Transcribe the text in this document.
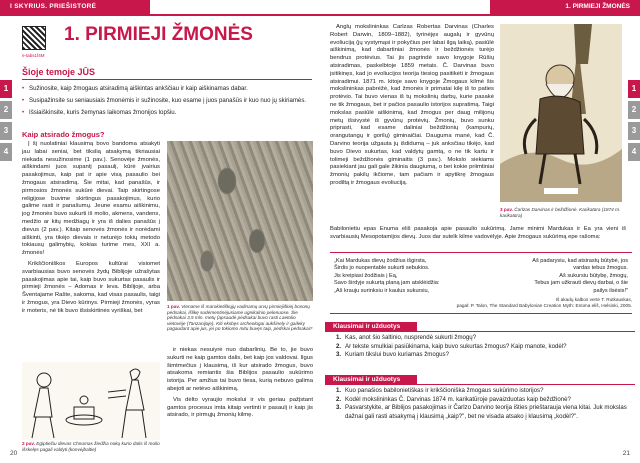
I SKYRIUS. PRIEŠISTORĖ
e-tabs1f4M
1. PIRMIEJI ŽMONĖS
Šioje temoje JŪS
• Sužinosite, kaip žmogaus atsiradimą aiškintas ankščiau ir kaip aiškinamas dabar.
• Susipažinsite su seniausiais žmonėmis ir sužinosite, kuo esame į juos panašūs ir kuo nuo jų skiriamės.
• Išsiaiškinsite, kuris žemynas laikomas žmonijos lopšiu.
Kaip atsirado žmogus?

Į šį nuolatiniai klausimą bovo bandoma atsakyti jau labai seniai, bet tikslią atsakymą tikriausiai niekada nesužinosime (1 pav.). Senovėje žmonės, aiškindami juos supantį pasaulį, kūrė įvairius pasakojimus, kaip pat ir apie visą pasaulio bei žmogaus atsiradimą. Šie mitai, kad panašūs, ir pirmosios žmonės sukūrė dievai. Taip skirtingose religijose buvime skirtingus pasakojimus, kurio galime rasti ir panašumų. Jeune esamu aiškinimu, jog žmonės buvo sukurti iš molio, akmens, vandens, medžio ar kitų medžiagų ir yra iš dalies panašūs į dievus (2 pav.). Kitaip senovės žmonės ir norėdami aiškinti, yra tikėjo dievais ir neturėjo tokių metodo tokiausų galimybių, kokias turime mes, XXI a. žmonės!

Krikščioniškos Europos kultūrai visiomet svarbiausias buvo senovės žydų Biblijoje užrašytas pasakojimas apie tai, kaip buvo sukurtas pasaulis ir pirmieji žmonės – Adomas ir Ieva. Biblijoje, arba Šventajame Rašte, sakoma, kad visas pasaulis, taigi ir žmogus, yra Dievo kūrinys. Pirmieji žmonės, vyras ir moteris, nė tik buvo išsiskirtinės vyriškai, bet

1 pav. Viename iš marokietiškųjų vadinamų urvų pirmiejiškiej bosonų pėdsakai, išlikę sudėmentinėjusiame ugnikalnio pelenuose. Šie pėdsakai 3,5 mln. metų (apsaudė pėdsakai buvo rasti Laetolio vietovėje (Tanzanijoje). Kiti eksbęs archeologai aukšinely ir gaileky pagaudant apie jus, jei po tokiomo mitu buvęs taip, pėdskai pėdsakai?

ir niekas nesuiyrė nuo dabarlinių. Be to, jie buvo sukurti ne kaip gamtos dalis, bet kaip jos valdovai. Ilgus šimtmečius į klausimą, iš kur atsirado žmogus, buvo atsakoma remiantis šia Biblijos pasaulio sukūrimo istorija. Per amžius tai buvo tiesa, kurią nebuvo galima abejoti ar netėvo aiškinimą.

Vis dėlto vyraujio mokslui ir vis geriau pažįstant gamtos procesus imta kitaip vertinti ir pasaulį ir kaip jis atsirado, ir pirmųjų žmonių kilmę.

2 pav. Egiptiečiu dievas Chnumas žiedžia nokų kurio dalis iš molio išskelęs pagali valdyti (konvėjbaltie)
20
1
2
3
4
1. PIRMIEJI ŽMONĖS

Anglų mokslininkas Čarlzas Robertas Darvinas (Charles Robert Darwin, 1809–1882), tyrinėjęs augalų ir gyvūnų evoliuciją (jų vystymąsi ir pokyčius per labai ilgą laiką), pasiūlė aiškinimą, kad dabartiniai žmonės ir beždžionės turėjo bendrus protėvius. Tai jis pagrindė savo knygoje Rūšių atsiradimas, paskelbtoje 1859 metais. Č. Darvinas buvo įsitikinęs, kad jo evoliucijos teorija tiesiog pasitikėti ir žmogaus atsiradimui. 1871 m. kitoje savo knygoje Žmogaus kilmė šis mokslininkas pabrėžė, kad žmonės ir primatai kilę iš to paties protėvio. Tai buvo vienas iš tų mokslinių darbų, kurie pasakė ne tik žmogaus, bet ir pačios pasaulio istorijos supratimą. Taigi mokslas pasiūlė aiškinimą, kad žmogus per daug milijonų metų išsivystė iš gyvūnų protėvių. Žmonių, buvo sunku priprasti, kad esame daliniai beždžionių (kampurių, orangutangų ir gorilų) giminaičiai. Dauguma manė, kad Č. Darvino teorija užgauta jų išdidumą – juk anksčiau tikėjo, kad buvo Dievo sukurtas, kad valdytų gamtą, o ne tik kartu ir tolimeji beždžionės giminaitis (3 pav.). Mokslo siekiams pasiekiant jau gali gale žikinia daugiumą, o bet kokie priimtiniai žmonių pakilų ikčiome, tam pačiam ir apytikrę žmogaus prodiltą ir žmogaus evoliuciją.

3 pav. Čarlzas Darvinas ir beždžionė. Karikatūra (1874 m. karikatūra)
21
1
2
3
4
Babilonietiu epas Enuma eliš pasakoja apie pasaulio sukūrimą. Jame minimi Mardukas ir Ea yra vieni iš svarbiausių Mesopotamijos dievų. Juos dar sutelk kilme vadovėlyje. Apie žmogaus sukūrimą epe rašoma:
„Kai Mardukas dievų žodžius išgirsta,
Širdis jo nuopentable sukurti sebukios.
Jis kreipiasi žodžiais į Eą,
Savo širdyje sukurtą planą jam atsklėidžia:
„Aš krauju surinksiu ir kaulus sukursiu,
Aš padarysiu, kad atsirastų būtybė, jos
vardas tebus žmogus.
Aš sukursiu būtybę, žmogų,
Tebus jam užkrauti dievų darbai, o šie
pailys ilsėsis!"
Iš akadų kalbos vertė T. Rutkauskas,
pagal: P. Talon, The Standard Babylonian Creation Myth: Enūma eliš, Helsinki, 2005.
Klausimai ir užduotys
1. Kas, anot šio šaltinio, nusprendė sukurti žmogų?
2. Ar tekste smulkiai pasiūkinama, kaip buvo sukurtas žmogus? Kaip manote, kodėl?
3. Kuriam tikslui buvo kuriamas žmogus?
Klausimai ir užduotys
1. Kuo panašios babilonietiškas ir krikščioniška žmogaus sukūrimo istorijos?
2. Kodėl mokslininkas Č. Darvinas 1874 m. karikatūroje pavaizduotas kaip beždžionė?
3. Pasvarstykite, ar Biblijos pasakojimas ir Čarlzo Darvino teorija išties prieštarauja viena kitai. Juk mokslas dažnai gali rasti atsakymą į klausimą „kaip?", bet ne visada atsako į klausimą „kodėl?".
